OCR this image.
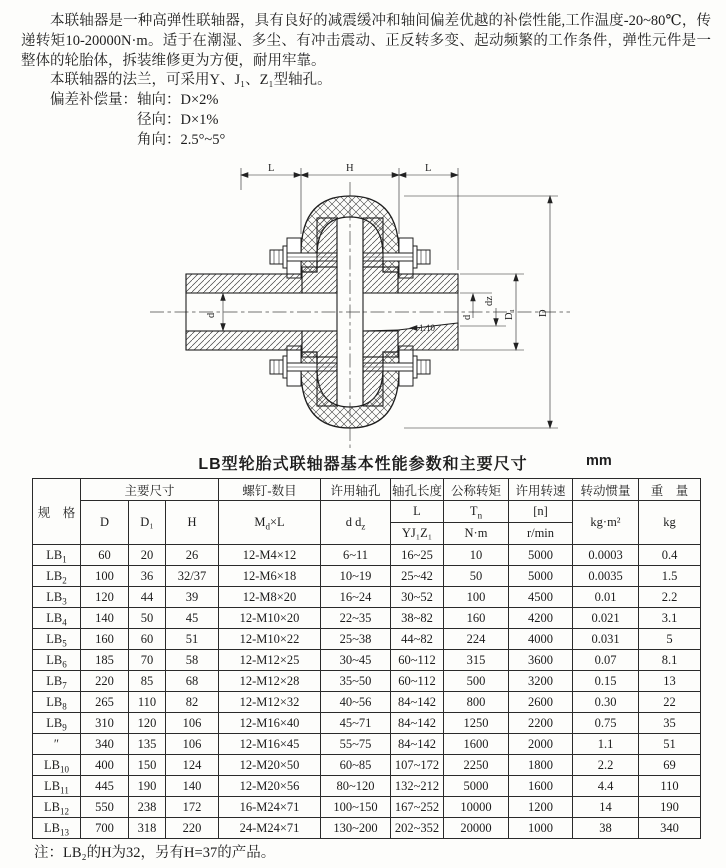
本联轴器是一种高弹性联轴器，具有良好的减震缓冲和轴间偏差优越的补偿性能,工作温度-20~80℃，传递转矩10-20000N·m。适于在潮湿、多尘、有冲击震动、正反转多变、起动频繁的工作条件，弹性元件是一整体的轮胎体，拆装维修更为方便，耐用牢靠。

本联轴器的法兰，可采用Y、J₁、Z₁型轴孔。

偏差补偿量： 轴向：D×2%
径向：D×1%
角向：2.5°~5°
L	H	L
d	d
dz
D₁ D
1:10
LB型轮胎式联轴器基本性能参数和主要尺寸	mm
规　格	主要尺寸			螺钉-数目	许用轴孔	轴孔长度	公称转矩	许用转速	转动惯量	重　量
	D	D₁	H	$M_d\times L$	d $d_z$	L	$T_n$	[n]	kg·m²	kg
						YJ₁Z₁	N·m	r/min		
$LB_1$	60	20	26	12-M4×12	6~11	16~25	10	5000	0.0003	0.4
$LB_2$	100	36	32/37	12-M6×18	10~19	25~42	50	5000	0.0035	1.5
$LB_3$	120	44	39	12-M8×20	16~24	30~52	100	4500	0.01	2.2
$LB_4$	140	50	45	12-M10×20	22~35	38~82	160	4200	0.021	3.1
$LB_5$	160	60	51	12-M10×22	25~38	44~82	224	4000	0.031	5
$LB_6$	185	70	58	12-M12×25	30~45	60~112	315	3600	0.07	8.1
$LB_7$	220	85	68	12-M12×28	35~50	60~112	500	3200	0.15	13
$LB_8$	265	110	82	12-M12×32	40~56	84~142	800	2600	0.30	22
$LB_9$	310	120	106	12-M16×40	45~71	84~142	1250	2200	0.75	35
″	340	135	106	12-M16×45	55~75	84~142	1600	2000	1.1	51
$LB_{10}$	400	150	124	12-M20×50	60~85	107~172	2250	1800	2.2	69
$LB_{11}$	445	190	140	12-M20×56	80~120	132~212	5000	1600	4.4	110
$LB_{12}$	550	238	172	16-M24×71	100~150	167~252	10000	1200	14	190
$LB_{13}$	700	318	220	24-M24×71	130~200	202~352	20000	1000	38	340

注：LB₂的H为32，另有H=37的产品。
